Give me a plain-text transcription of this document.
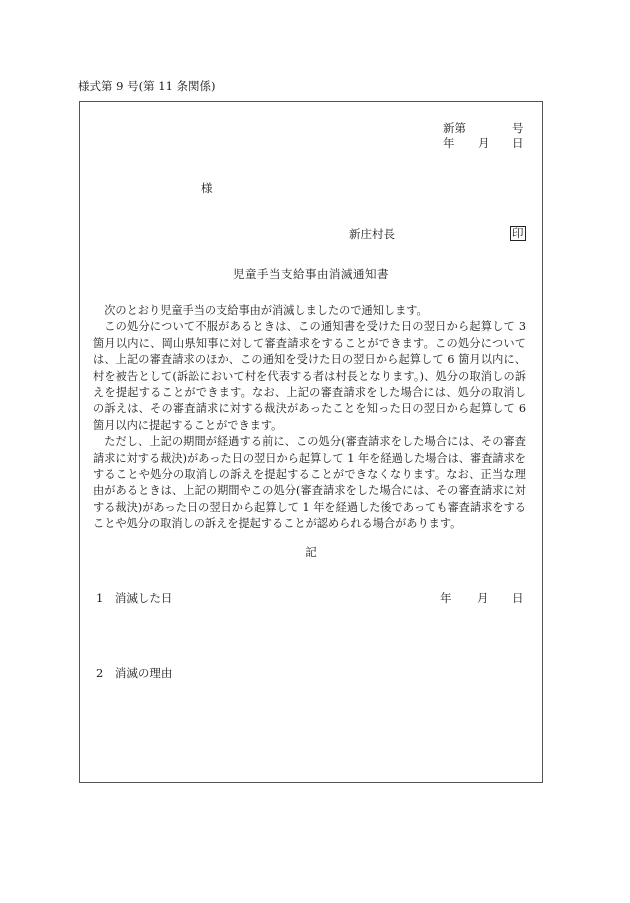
様式第 9 号(第 11 条関係)
新第	号
年 月 日
様
新庄村長	印
児童手当支給事由消滅通知書

次のとおり児童手当の支給事由が消滅しましたので通知します。

この処分について不服があるときは、この通知書を受けた日の翌日から起算して 3 箇月以内に、岡山県知事に対して審査請求をすることができます。この処分については、上記の審査請求のほか、この通知を受けた日の翌日から起算して 6 箇月以内に、村を被告として(訴訟において村を代表する者は村長となります。)、処分の取消しの訴えを提起することができます。なお、上記の審査請求をした場合には、処分の取消しの訴えは、その審査請求に対する裁決があったことを知った日の翌日から起算して 6 箇月以内に提起することができます。

ただし、上記の期間が経過する前に、この処分(審査請求をした場合には、その審査請求に対する裁決)があった日の翌日から起算して 1 年を経過した場合は、審査請求をすることや処分の取消しの訴えを提起することができなくなります。なお、正当な理由があるときは、上記の期間やこの処分(審査請求をした場合には、その審査請求に対する裁決)があった日の翌日から起算して 1 年を経過した後であっても審査請求をすることや処分の取消しの訴えを提起することが認められる場合があります。

記
1　消滅した日	年 月 日
2　消滅の理由
